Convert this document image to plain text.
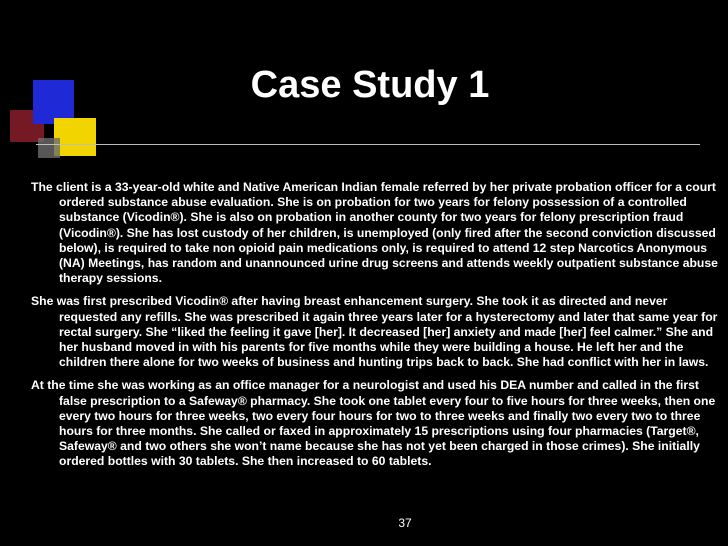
Case Study 1

The client is a 33-year-old white and Native American Indian female referred by her private probation officer for a court ordered substance abuse evaluation. She is on probation for two years for felony possession of a controlled substance (Vicodin®). She is also on probation in another county for two years for felony prescription fraud (Vicodin®). She has lost custody of her children, is unemployed (only fired after the second conviction discussed below), is required to take non opioid pain medications only, is required to attend 12 step Narcotics Anonymous (NA) Meetings, has random and unannounced urine drug screens and attends weekly outpatient substance abuse therapy sessions.

She was first prescribed Vicodin® after having breast enhancement surgery. She took it as directed and never requested any refills. She was prescribed it again three years later for a hysterectomy and later that same year for rectal surgery. She “liked the feeling it gave [her]. It decreased [her] anxiety and made [her] feel calmer.” She and her husband moved in with his parents for five months while they were building a house. He left her and the children there alone for two weeks of business and hunting trips back to back. She had conflict with her in laws.

At the time she was working as an office manager for a neurologist and used his DEA number and called in the first false prescription to a Safeway® pharmacy. She took one tablet every four to five hours for three weeks, then one every two hours for three weeks, two every four hours for two to three weeks and finally two every two to three hours for three months. She called or faxed in approximately 15 prescriptions using four pharmacies (Target®, Safeway® and two others she won’t name because she has not yet been charged in those crimes). She initially ordered bottles with 30 tablets. She then increased to 60 tablets.

37
